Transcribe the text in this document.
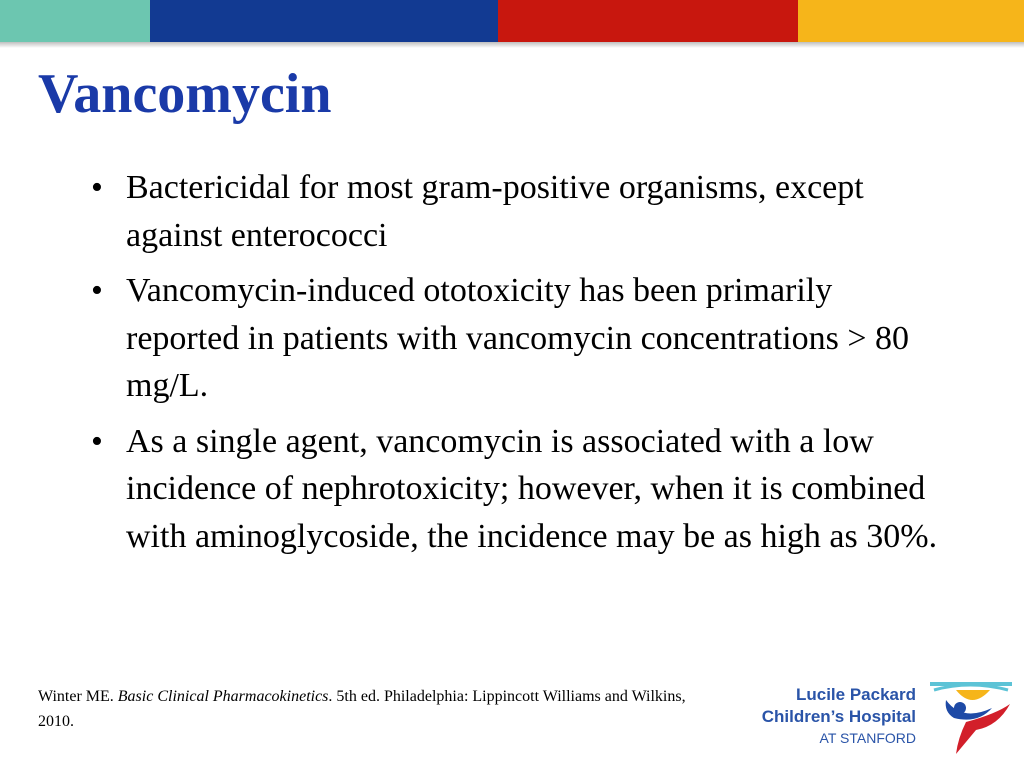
Vancomycin
• Bactericidal for most gram-positive organisms, except against enterococci
• Vancomycin-induced ototoxicity has been primarily reported in patients with vancomycin concentrations > 80 mg/L.
• As a single agent, vancomycin is associated with a low incidence of nephrotoxicity; however, when it is combined with aminoglycoside, the incidence may be as high as 30%.
Winter ME. Basic Clinical Pharmacokinetics. 5th ed. Philadelphia: Lippincott Williams and Wilkins, 2010.
Lucile Packard
Children’s Hospital
AT STANFORD
